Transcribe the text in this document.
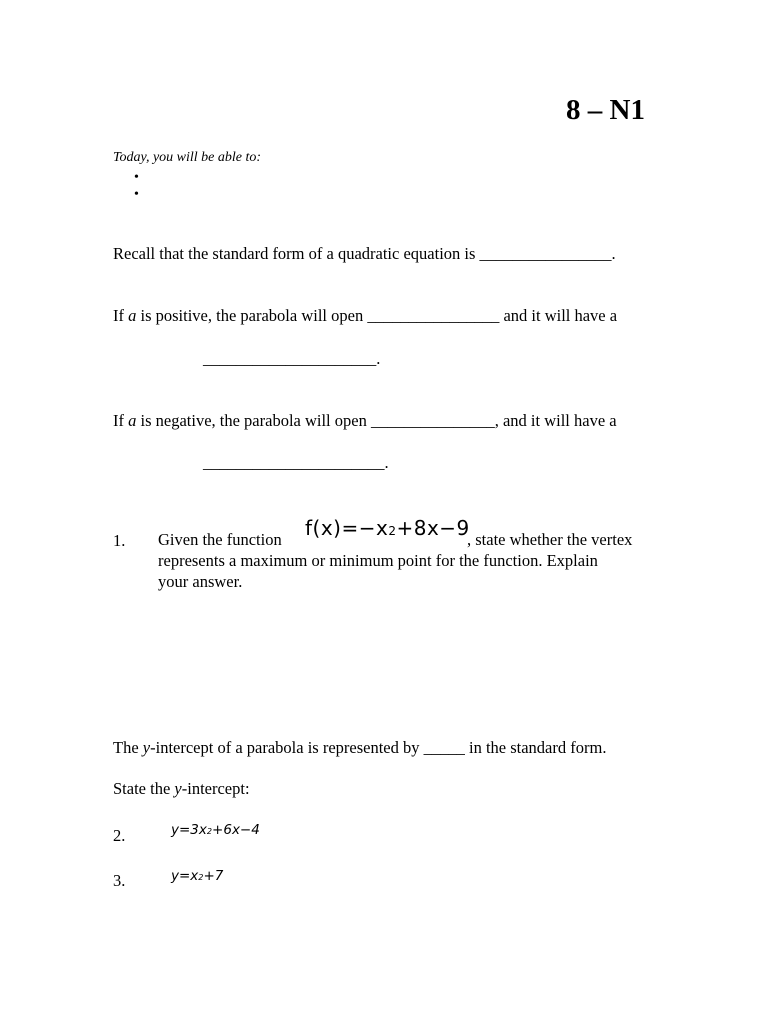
8 – N1
Today, you will be able to:
•
•
Recall that the standard form of a quadratic equation is ________________.
If a is positive, the parabola will open ________________ and it will have a
_____________________.
If a is negative, the parabola will open _______________, and it will have a
______________________.
1. Given the function $f(x)=-x^2+8x-9$
, state whether the vertex
represents a maximum or minimum point for the function. Explain
your answer.
The y-intercept of a parabola is represented by _____ in the standard form.
State the y-intercept:
2.	$y=3x^2+6x-4$
3.	$y=x^2+7$
